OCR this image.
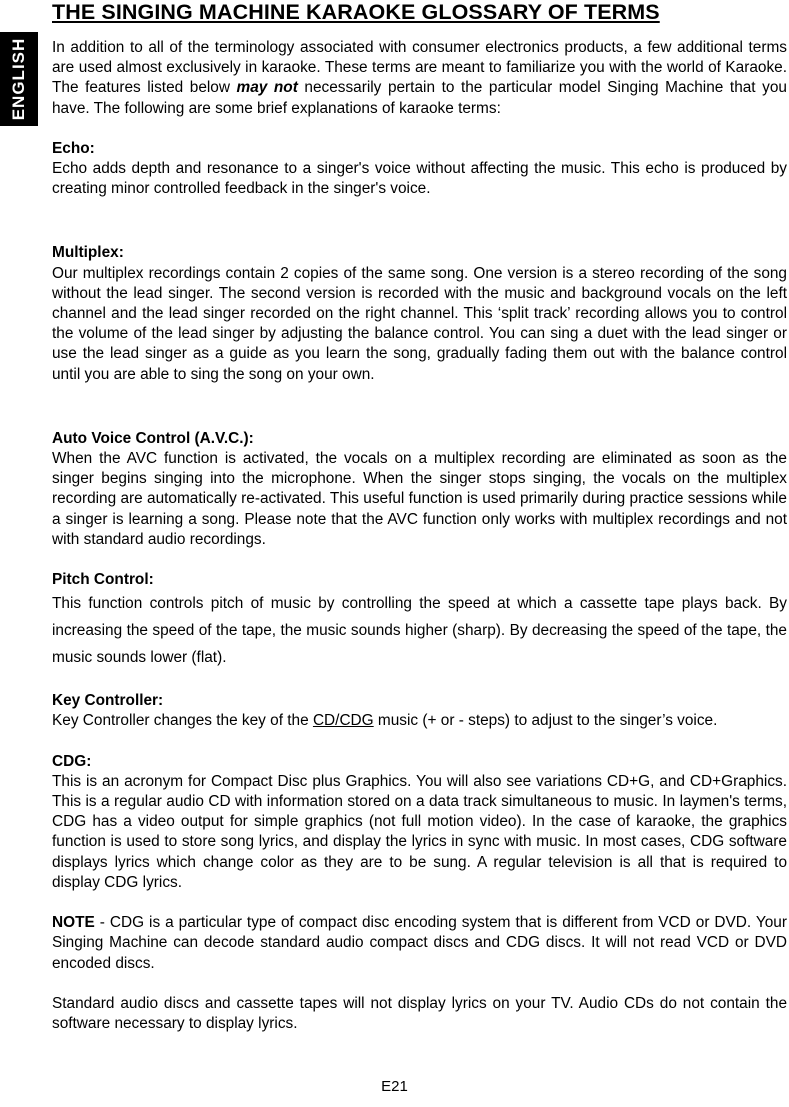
ENGLISH
THE SINGING MACHINE KARAOKE GLOSSARY OF TERMS

In addition to all of the terminology associated with consumer electronics products, a few additional terms are used almost exclusively in karaoke. These terms are meant to familiarize you with the world of Karaoke. The features listed below may not necessarily pertain to the particular model Singing Machine that you have. The following are some brief explanations of karaoke terms:

Echo:

Echo adds depth and resonance to a singer's voice without affecting the music. This echo is produced by creating minor controlled feedback in the singer's voice.

Multiplex:

Our multiplex recordings contain 2 copies of the same song. One version is a stereo recording of the song without the lead singer. The second version is recorded with the music and background vocals on the left channel and the lead singer recorded on the right channel. This ‘split track’ recording allows you to control the volume of the lead singer by adjusting the balance control. You can sing a duet with the lead singer or use the lead singer as a guide as you learn the song, gradually fading them out with the balance control until you are able to sing the song on your own.

Auto Voice Control (A.V.C.):

When the AVC function is activated, the vocals on a multiplex recording are eliminated as soon as the singer begins singing into the microphone. When the singer stops singing, the vocals on the multiplex recording are automatically re-activated. This useful function is used primarily during practice sessions while a singer is learning a song. Please note that the AVC function only works with multiplex recordings and not with standard audio recordings.

Pitch Control:

This function controls pitch of music by controlling the speed at which a cassette tape plays back. By increasing the speed of the tape, the music sounds higher (sharp). By decreasing the speed of the tape, the music sounds lower (flat).

Key Controller:

Key Controller changes the key of the CD/CDG music (+ or - steps) to adjust to the singer’s voice.

CDG:

This is an acronym for Compact Disc plus Graphics. You will also see variations CD+G, and CD+Graphics. This is a regular audio CD with information stored on a data track simultaneous to music. In laymen's terms, CDG has a video output for simple graphics (not full motion video). In the case of karaoke, the graphics function is used to store song lyrics, and display the lyrics in sync with music. In most cases, CDG software displays lyrics which change color as they are to be sung. A regular television is all that is required to display CDG lyrics.

NOTE - CDG is a particular type of compact disc encoding system that is different from VCD or DVD. Your Singing Machine can decode standard audio compact discs and CDG discs. It will not read VCD or DVD encoded discs.

Standard audio discs and cassette tapes will not display lyrics on your TV. Audio CDs do not contain the software necessary to display lyrics.

E21
